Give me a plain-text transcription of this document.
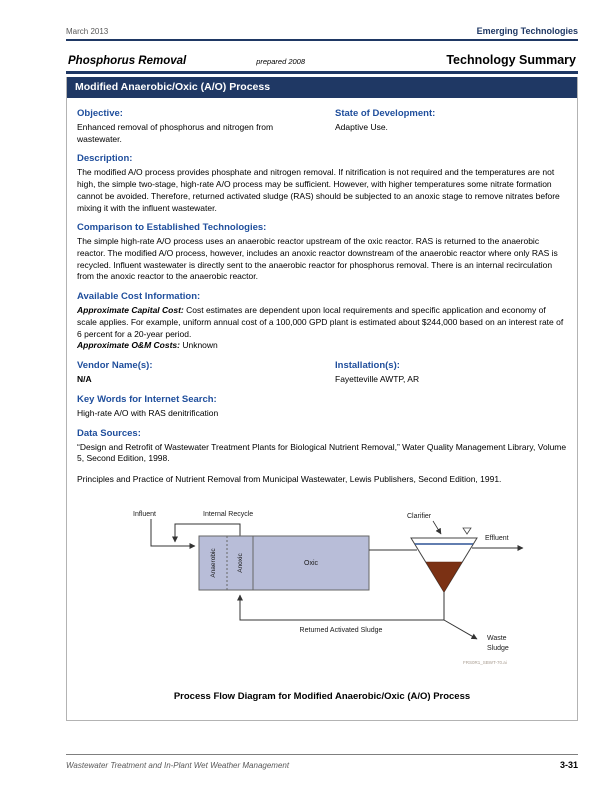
March 2013	Emerging Technologies
Phosphorus Removal	prepared 2008	Technology Summary
Modified Anaerobic/Oxic (A/O) Process
Objective:

Enhanced removal of phosphorus and nitrogen from wastewater.

State of Development:

Adaptive Use.

Description:

The modified A/O process provides phosphate and nitrogen removal. If nitrification is not required and the temperatures are not high, the simple two-stage, high-rate A/O process may be sufficient. However, with higher temperatures some nitrate formation cannot be avoided. Therefore, returned activated sludge (RAS) should be subjected to an anoxic stage to remove nitrates before mixing it with the influent wastewater.

Comparison to Established Technologies:

The simple high-rate A/O process uses an anaerobic reactor upstream of the oxic reactor. RAS is returned to the anaerobic reactor. The modified A/O process, however, includes an anoxic reactor downstream of the anaerobic reactor where only RAS is recycled. Influent wastewater is directly sent to the anaerobic reactor for phosphorus removal. There is an internal recirculation from the anoxic reactor to the anaerobic reactor.

Available Cost Information:

Approximate Capital Cost: Cost estimates are dependent upon local requirements and specific application and economy of scale applies. For example, uniform annual cost of a 100,000 GPD plant is estimated about $244,000 based on an interest rate of 6 percent for a 20-year period.

Approximate O&M Costs: Unknown

Vendor Name(s):

N/A

Installation(s):

Fayetteville AWTP, AR

Key Words for Internet Search:

High-rate A/O with RAS denitrification

Data Sources:

“Design and Retrofit of Wastewater Treatment Plants for Biological Nutrient Removal,” Water Quality Management Library, Volume 5, Second Edition, 1998.

Principles and Practice of Nutrient Removal from Municipal Wastewater, Lewis Publishers, Second Edition, 1991.

Influent	Internal Recycle
Anaerobic	Anoxic	Oxic
Clarifier
Effluent
Returned Activated Sludge
Waste
Sludge
FRS0R1_SBWT-70.ai
Process Flow Diagram for Modified Anaerobic/Oxic (A/O) Process
Wastewater Treatment and In-Plant Wet Weather Management	3-31
